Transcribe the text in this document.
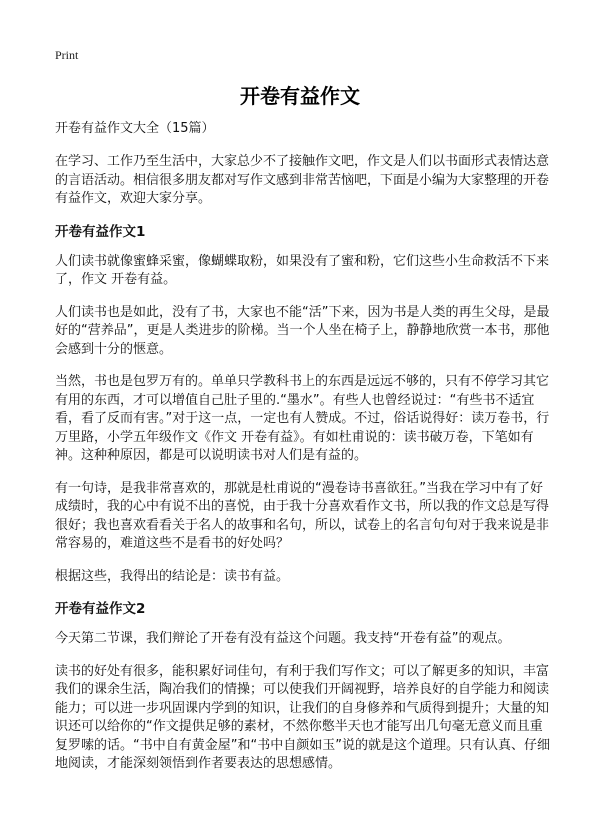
Print
开卷有益作文

开卷有益作文大全（15篇）

在学习、工作乃至生活中，大家总少不了接触作文吧，作文是人们以书面形式表情达意的言语活动。相信很多朋友都对写作文感到非常苦恼吧，下面是小编为大家整理的开卷有益作文，欢迎大家分享。

开卷有益作文1

人们读书就像蜜蜂采蜜，像蝴蝶取粉，如果没有了蜜和粉，它们这些小生命救活不下来了，作文 开卷有益。

人们读书也是如此，没有了书，大家也不能“活”下来，因为书是人类的再生父母，是最好的“营养品”，更是人类进步的阶梯。当一个人坐在椅子上，静静地欣赏一本书，那他会感到十分的惬意。

当然，书也是包罗万有的。单单只学教科书上的东西是远远不够的，只有不停学习其它有用的东西，才可以增值自己肚子里的.“墨水”。有些人也曾经说过：“有些书不适宜看，看了反而有害。”对于这一点，一定也有人赞成。不过，俗话说得好：读万卷书，行万里路，小学五年级作文《作文 开卷有益》。有如杜甫说的：读书破万卷，下笔如有神。这种种原因，都是可以说明读书对人们是有益的。

有一句诗，是我非常喜欢的，那就是杜甫说的“漫卷诗书喜欲狂。”当我在学习中有了好成绩时，我的心中有说不出的喜悦，由于我十分喜欢看作文书，所以我的作文总是写得很好；我也喜欢看看关于名人的故事和名句，所以，试卷上的名言句句对于我来说是非常容易的，难道这些不是看书的好处吗？

根据这些，我得出的结论是：读书有益。

开卷有益作文2

今天第二节课，我们辩论了开卷有没有益这个问题。我支持“开卷有益”的观点。

读书的好处有很多，能积累好词佳句，有利于我们写作文；可以了解更多的知识，丰富我们的课余生活，陶冶我们的情操；可以使我们开阔视野，培养良好的自学能力和阅读能力；可以进一步巩固课内学到的知识，让我们的自身修养和气质得到提升；大量的知识还可以给你的“作文提供足够的素材，不然你憋半天也才能写出几句毫无意义而且重复罗嗦的话。“书中自有黄金屋”和“书中自颜如玉”说的就是这个道理。只有认真、仔细地阅读，才能深刻领悟到作者要表达的思想感情。
